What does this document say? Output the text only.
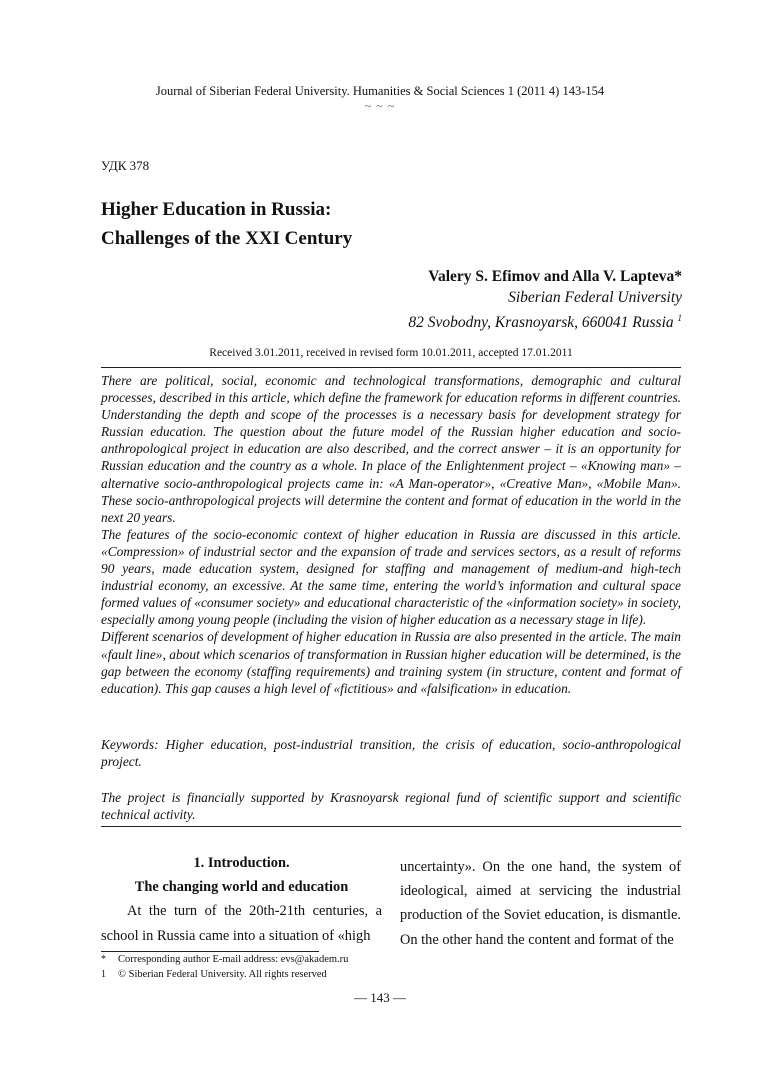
Journal of Siberian Federal University. Humanities & Social Sciences 1 (2011 4) 143-154
~ ~ ~
УДК 378
Higher Education in Russia:
Challenges of the XXI Century
Valery S. Efimov and Alla V. Lapteva*
Siberian Federal University
82 Svobodny, Krasnoyarsk, 660041 Russia $^1$
Received 3.01.2011, received in revised form 10.01.2011, accepted 17.01.2011

There are political, social, economic and technological transformations, demographic and cultural processes, described in this article, which define the framework for education reforms in different countries. Understanding the depth and scope of the processes is a necessary basis for development strategy for Russian education. The question about the future model of the Russian higher education and socio-anthropological project in education are also described, and the correct answer – it is an opportunity for Russian education and the country as a whole. In place of the Enlightenment project – «Knowing man» – alternative socio-anthropological projects came in: «A Man-operator», «Creative Man», «Mobile Man». These socio-anthropological projects will determine the content and format of education in the world in the next 20 years.

The features of the socio-economic context of higher education in Russia are discussed in this article. «Compression» of industrial sector and the expansion of trade and services sectors, as a result of reforms 90 years, made education system, designed for staffing and management of medium-and high-tech industrial economy, an excessive. At the same time, entering the world’s information and cultural space formed values of «consumer society» and educational characteristic of the «information society» in society, especially among young people (including the vision of higher education as a necessary stage in life).

Different scenarios of development of higher education in Russia are also presented in the article. The main «fault line», about which scenarios of transformation in Russian higher education will be determined, is the gap between the economy (staffing requirements) and training system (in structure, content and format of education). This gap causes a high level of «fictitious» and «falsification» in education.

Keywords: Higher education, post-industrial transition, the crisis of education, socio-anthropological project.

The project is financially supported by Krasnoyarsk regional fund of scientific support and scientific technical activity.

1. Introduction.

The changing world and education

At the turn of the 20th-21th centuries, a school in Russia came into a situation of «high

uncertainty». On the one hand, the system of ideological, aimed at servicing the industrial production of the Soviet education, is dismantle. On the other hand the content and format of the

*	Corresponding author E-mail address: evs@akadem.ru
1	© Siberian Federal University. All rights reserved
— 143 —
